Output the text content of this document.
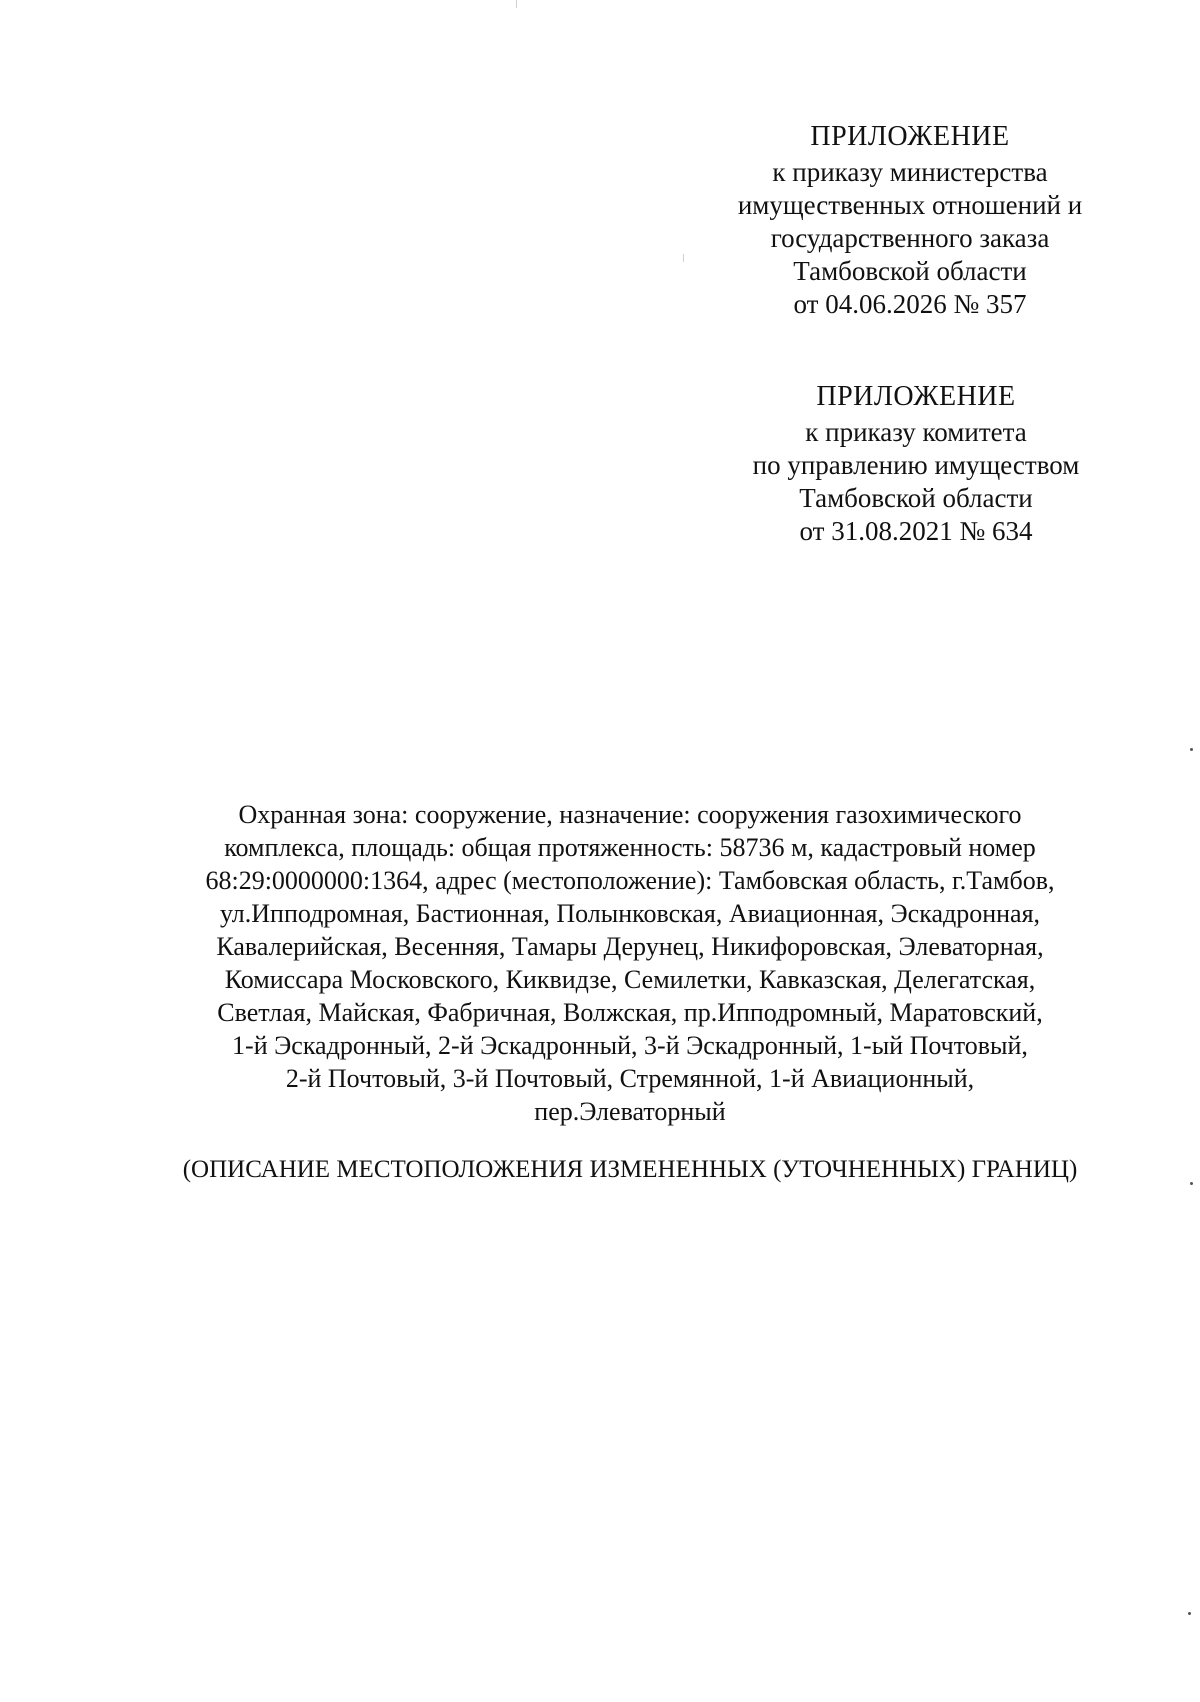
ПРИЛОЖЕНИЕ
к приказу министерства
имущественных отношений и
государственного заказа
Тамбовской области
от 04.06.2026 № 357
ПРИЛОЖЕНИЕ
к приказу комитета
по управлению имуществом
Тамбовской области
от 31.08.2021 № 634
Охранная зона: сооружение, назначение: сооружения газохимического
комплекса, площадь: общая протяженность: 58736 м, кадастровый номер
68:29:0000000:1364, адрес (местоположение): Тамбовская область, г.Тамбов,
ул.Ипподромная, Бастионная, Полынковская, Авиационная, Эскадронная,
Кавалерийская, Весенняя, Тамары Дерунец, Никифоровская, Элеваторная,
Комиссара Московского, Киквидзе, Семилетки, Кавказская, Делегатская,
Светлая, Майская, Фабричная, Волжская, пр.Ипподромный, Маратовский,
1-й Эскадронный, 2-й Эскадронный, 3-й Эскадронный, 1-ый Почтовый,
2-й Почтовый, 3-й Почтовый, Стремянной, 1-й Авиационный,
пер.Элеваторный
(ОПИСАНИЕ МЕСТОПОЛОЖЕНИЯ ИЗМЕНЕННЫХ (УТОЧНЕННЫХ) ГРАНИЦ)
